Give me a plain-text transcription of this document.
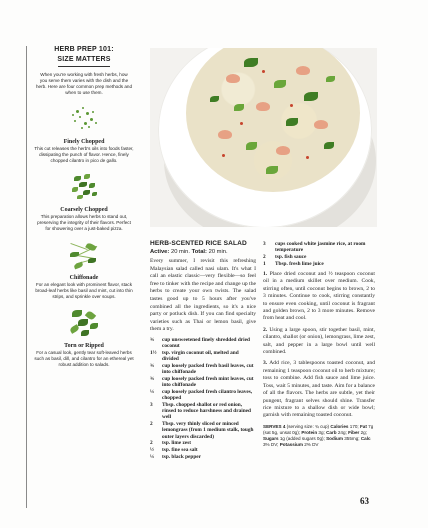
HERB PREP 101:
SIZE MATTERS
When you're working with fresh herbs, how you serve them varies with the dish and the herb. Here are four common prep methods and when to use them.
Finely Chopped
This cut releases the herb's oils into foods faster, dissipating the punch of flavor. Hence, finely chopped cilantro in pico de gallo.
Coarsely Chopped
This preparation allows herbs to stand out, preserving the integrity of their flavors. Perfect for showering over a just-baked pizza.
Chiffonade
For an elegant look with prominent flavor, stack broad-leaf herbs like basil and mint, cut into thin strips, and sprinkle over soups.
Torn or Ripped
For a casual look, gently tear soft-leaved herbs such as basil, dill, and cilantro for an ethereal yet robust addition to salads.
HERB-SCENTED RICE SALAD
Active: 20 min. Total: 20 min.
Every summer, I revisit this refreshing Malaysian salad called nasi ulam. It's what I call an elastic classic—very flexible—so feel free to tinker with the recipe and change up the herbs to create your own twists. The salad tastes good up to 5 hours after you've combined all the ingredients, so it's a nice party or potluck dish. If you can find specialty varieties such as Thai or lemon basil, give them a try.
¾	cup unsweetened finely shredded dried coconut
1½	tsp. virgin coconut oil, melted and divided
¾	cup loosely packed fresh basil leaves, cut into chiffonade
¾	cup loosely packed fresh mint leaves, cut into chiffonade
¼	cup loosely packed fresh cilantro leaves, chopped
3	Tbsp. chopped shallot or red onion, rinsed to reduce harshness and drained well
2	Tbsp. very thinly sliced or minced lemongrass (from 1 medium stalk, tough outer layers discarded)
2	tsp. lime zest
½	tsp. fine sea salt
¼	tsp. black pepper
3	cups cooked white jasmine rice, at room temperature
2	tsp. fish sauce
1	Tbsp. fresh lime juice
1. Place dried coconut and ½ teaspoon coconut oil in a medium skillet over medium. Cook, stirring often, until coconut begins to brown, 2 to 3 minutes. Continue to cook, stirring constantly to ensure even cooking, until coconut is fragrant and golden brown, 2 to 3 more minutes. Remove from heat and cool.
2. Using a large spoon, stir together basil, mint, cilantro, shallot (or onion), lemongrass, lime zest, salt, and pepper in a large bowl until well combined.
3. Add rice, 3 tablespoons toasted coconut, and remaining 1 teaspoon coconut oil to herb mixture; toss to combine. Add fish sauce and lime juice. Toss, wait 5 minutes, and taste. Aim for a balance of all the flavors. The herbs are subtle, yet their pungent, fragrant selves should shine. Transfer rice mixture to a shallow dish or wide bowl; garnish with remaining toasted coconut.
SERVES 4 (serving size: ¾ cup) Calories 170; Fat 7g (sat 5g, unsat 0g); Protein 3g; Carb 24g; Fiber 2g; Sugars 1g (added sugars 0g); Sodium 355mg; Calc 3% DV; Potassium 2% DV
63
